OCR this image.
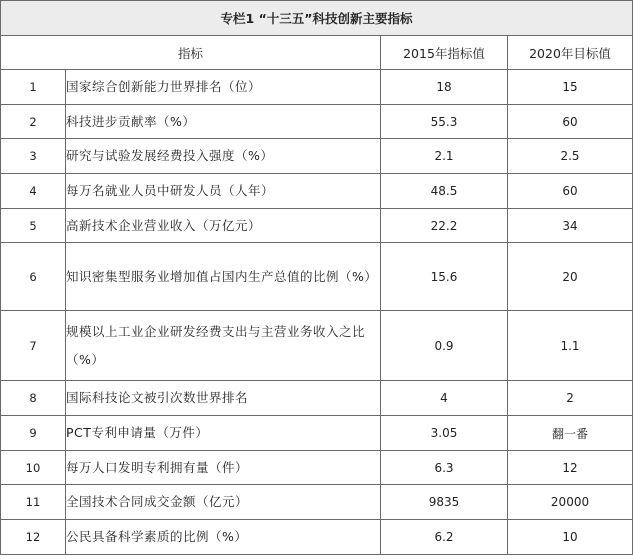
专栏1 “十三五”科技创新主要指标			
指标		2015年指标值	2020年目标值
1	国家综合创新能力世界排名（位）	18	15
2	科技进步贡献率（%）	55.3	60
3	研究与试验发展经费投入强度（%）	2.1	2.5
4	每万名就业人员中研发人员（人年）	48.5	60
5	高新技术企业营业收入（万亿元）	22.2	34
6	知识密集型服务业增加值占国内生产总值的比例（%）	15.6	20
7	规模以上工业企业研发经费支出与主营业务收入之比（%）	0.9	1.1
8	国际科技论文被引次数世界排名	4	2
9	PCT专利申请量（万件）	3.05	翻一番
10	每万人口发明专利拥有量（件）	6.3	12
11	全国技术合同成交金额（亿元）	9835	20000
12	公民具备科学素质的比例（%）	6.2	10
